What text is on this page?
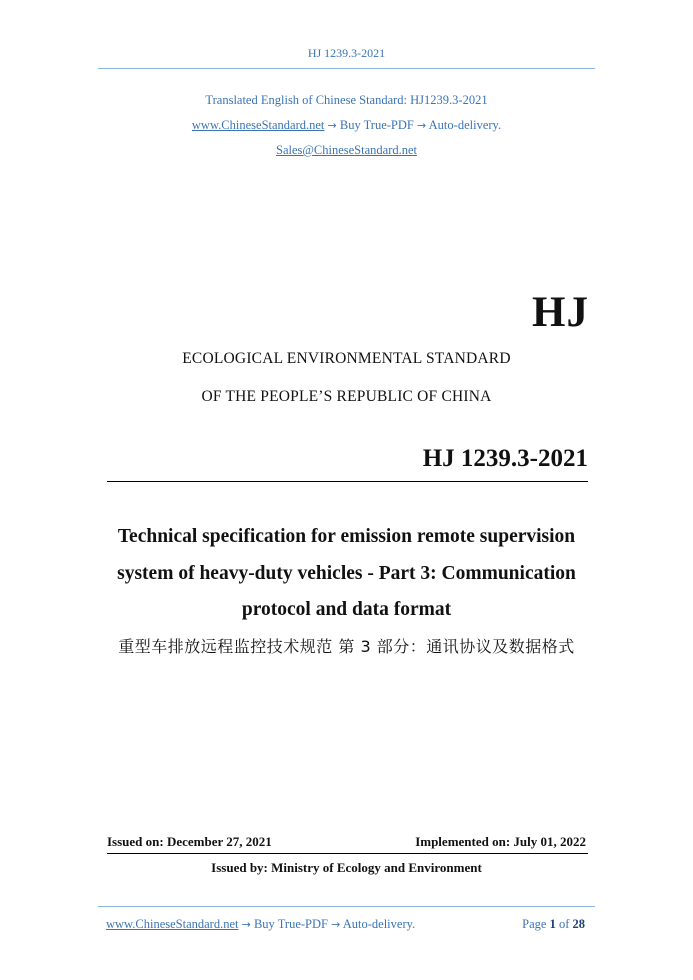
HJ 1239.3-2021
Translated English of Chinese Standard: HJ1239.3-2021
www.ChineseStandard.net → Buy True-PDF → Auto-delivery.
Sales@ChineseStandard.net
HJ
ECOLOGICAL ENVIRONMENTAL STANDARD
OF THE PEOPLE’S REPUBLIC OF CHINA
HJ 1239.3-2021
Technical specification for emission remote supervision
system of heavy-duty vehicles - Part 3: Communication
protocol and data format
重型车排放远程监控技术规范 第 3 部分：通讯协议及数据格式
Issued on: December 27, 2021	Implemented on: July 01, 2022
Issued by: Ministry of Ecology and Environment
www.ChineseStandard.net → Buy True-PDF → Auto-delivery.	Page 1 of 28
